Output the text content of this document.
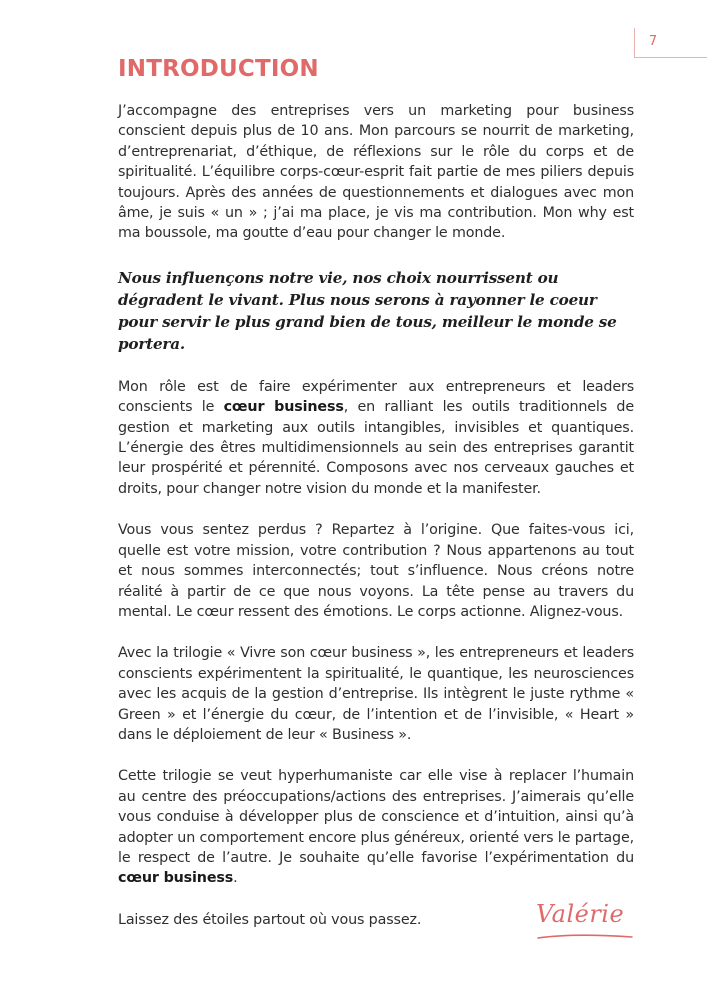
7
INTRODUCTION

J’accompagne des entreprises vers un marketing pour business conscient depuis plus de 10 ans. Mon parcours se nourrit de marketing, d’entreprenariat, d’éthique, de réflexions sur le rôle du corps et de spiritualité. L’équilibre corps-cœur-esprit fait partie de mes piliers depuis toujours. Après des années de questionnements et dialogues avec mon âme, je suis « un » ; j’ai ma place, je vis ma contribution. Mon why est ma boussole, ma goutte d’eau pour changer le monde.

Nous influençons notre vie, nos choix nourrissent ou dégradent le vivant. Plus nous serons à rayonner le coeur pour servir le plus grand bien de tous, meilleur le monde se portera.

Mon rôle est de faire expérimenter aux entrepreneurs et leaders conscients le cœur business, en ralliant les outils traditionnels de gestion et marketing aux outils intangibles, invisibles et quantiques. L’énergie des êtres multidimensionnels au sein des entreprises garantit leur prospérité et pérennité. Composons avec nos cerveaux gauches et droits, pour changer notre vision du monde et la manifester.

Vous vous sentez perdus ? Repartez à l’origine. Que faites-vous ici, quelle est votre mission, votre contribution ? Nous appartenons au tout et nous sommes interconnectés; tout s’influence. Nous créons notre réalité à partir de ce que nous voyons. La tête pense au travers du mental. Le cœur ressent des émotions. Le corps actionne. Alignez-vous.

Avec la trilogie « Vivre son cœur business », les entrepreneurs et leaders conscients expérimentent la spiritualité, le quantique, les neurosciences avec les acquis de la gestion d’entreprise. Ils intègrent le juste rythme « Green » et l’énergie du cœur, de l’intention et de l’invisible, « Heart » dans le déploiement de leur « Business ».

Cette trilogie se veut hyperhumaniste car elle vise à replacer l’humain au centre des préoccupations/actions des entreprises. J’aimerais qu’elle vous conduise à développer plus de conscience et d’intuition, ainsi qu’à adopter un comportement encore plus généreux, orienté vers le partage, le respect de l’autre. Je souhaite qu’elle favorise l’expérimentation du cœur business.

Laissez des étoiles partout où vous passez.	Valérie
